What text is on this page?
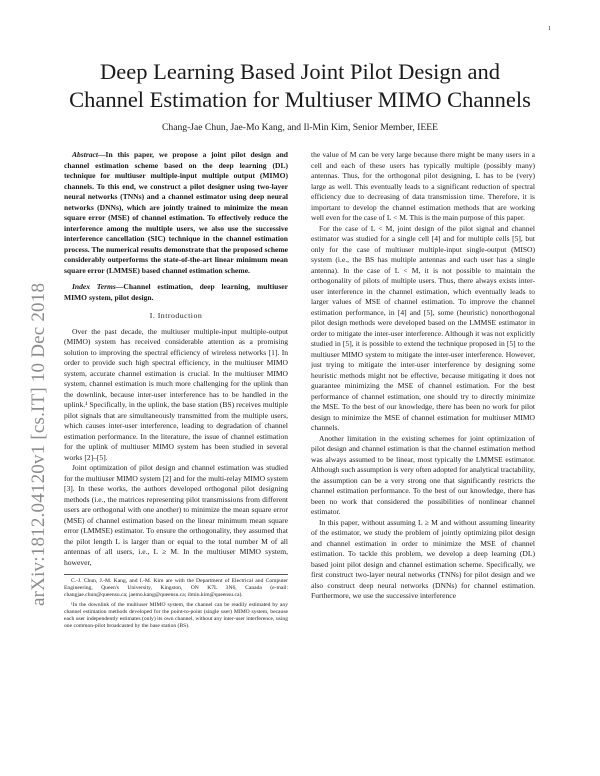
1
arXiv:1812.04120v1 [cs.IT] 10 Dec 2018
Deep Learning Based Joint Pilot Design and Channel Estimation for Multiuser MIMO Channels
Chang-Jae Chun, Jae-Mo Kang, and Il-Min Kim, Senior Member, IEEE

Abstract—In this paper, we propose a joint pilot design and channel estimation scheme based on the deep learning (DL) technique for multiuser multiple-input multiple output (MIMO) channels. To this end, we construct a pilot designer using two-layer neural networks (TNNs) and a channel estimator using deep neural networks (DNNs), which are jointly trained to minimize the mean square error (MSE) of channel estimation. To effectively reduce the interference among the multiple users, we also use the successive interference cancellation (SIC) technique in the channel estimation process. The numerical results demonstrate that the proposed scheme considerably outperforms the state-of-the-art linear minimum mean square error (LMMSE) based channel estimation scheme.

Index Terms—Channel estimation, deep learning, multiuser MIMO system, pilot design.

I. Introduction

Over the past decade, the multiuser multiple-input multiple-output (MIMO) system has received considerable attention as a promising solution to improving the spectral efficiency of wireless networks [1]. In order to provide such high spectral efficiency, in the multiuser MIMO system, accurate channel estimation is crucial. In the multiuser MIMO system, channel estimation is much more challenging for the uplink than the downlink, because inter-user interference has to be handled in the uplink.¹ Specifically, in the uplink, the base station (BS) receives multiple pilot signals that are simultaneously transmitted from the multiple users, which causes inter-user interference, leading to degradation of channel estimation performance. In the literature, the issue of channel estimation for the uplink of multiuser MIMO system has been studied in several works [2]–[5].

Joint optimization of pilot design and channel estimation was studied for the multiuser MIMO system [2] and for the multi-relay MIMO system [3]. In these works, the authors developed orthogonal pilot designing methods (i.e., the matrices representing pilot transmissions from different users are orthogonal with one another) to minimize the mean square error (MSE) of channel estimation based on the linear minimum mean square error (LMMSE) estimator. To ensure the orthogonality, they assumed that the pilot length L is larger than or equal to the total number M of all antennas of all users, i.e., L ≥ M. In the multiuser MIMO system, however,

C.-J. Chun, J.-M. Kang, and I.-M. Kim are with the Department of Electrical and Computer Engineering, Queen's University, Kingston, ON K7L 3N6, Canada (e-mail: changjae.chun@queensu.ca; jaemo.kang@queensu.ca; ilmin.kim@queensu.ca).

¹In the downlink of the multiuser MIMO system, the channel can be readily estimated by any channel estimation methods developed for the point-to-point (single user) MIMO system, because each user independently estimates (only) its own channel, without any inter-user interference, using one common-pilot broadcasted by the base station (BS).

the value of M can be very large because there might be many users in a cell and each of these users has typically multiple (possibly many) antennas. Thus, for the orthogonal pilot designing, L has to be (very) large as well. This eventually leads to a significant reduction of spectral efficiency due to decreasing of data transmission time. Therefore, it is important to develop the channel estimation methods that are working well even for the case of L < M. This is the main purpose of this paper.

For the case of L < M, joint design of the pilot signal and channel estimator was studied for a single cell [4] and for multiple cells [5], but only for the case of multiuser multiple-input single-output (MISO) system (i.e., the BS has multiple antennas and each user has a single antenna). In the case of L < M, it is not possible to maintain the orthogonality of pilots of multiple users. Thus, there always exists inter-user interference in the channel estimation, which eventually leads to larger values of MSE of channel estimation. To improve the channel estimation performance, in [4] and [5], some (heuristic) nonorthogonal pilot design methods were developed based on the LMMSE estimator in order to mitigate the inter-user interference. Although it was not explicitly studied in [5], it is possible to extend the technique proposed in [5] to the multiuser MIMO system to mitigate the inter-user interference. However, just trying to mitigate the inter-user interference by designing some heuristic methods might not be effective, because mitigating it does not guarantee minimizing the MSE of channel estimation. For the best performance of channel estimation, one should try to directly minimize the MSE. To the best of our knowledge, there has been no work for pilot design to minimize the MSE of channel estimation for multiuser MIMO channels.

Another limitation in the existing schemes for joint optimization of pilot design and channel estimation is that the channel estimation method was always assumed to be linear, most typically the LMMSE estimator. Although such assumption is very often adopted for analytical tractability, the assumption can be a very strong one that significantly restricts the channel estimation performance. To the best of our knowledge, there has been no work that considered the possibilities of nonlinear channel estimator.

In this paper, without assuming L ≥ M and without assuming linearity of the estimator, we study the problem of jointly optimizing pilot design and channel estimation in order to minimize the MSE of channel estimation. To tackle this problem, we develop a deep learning (DL) based joint pilot design and channel estimation scheme. Specifically, we first construct two-layer neural networks (TNNs) for pilot design and we also construct deep neural networks (DNNs) for channel estimation. Furthermore, we use the successive interference
